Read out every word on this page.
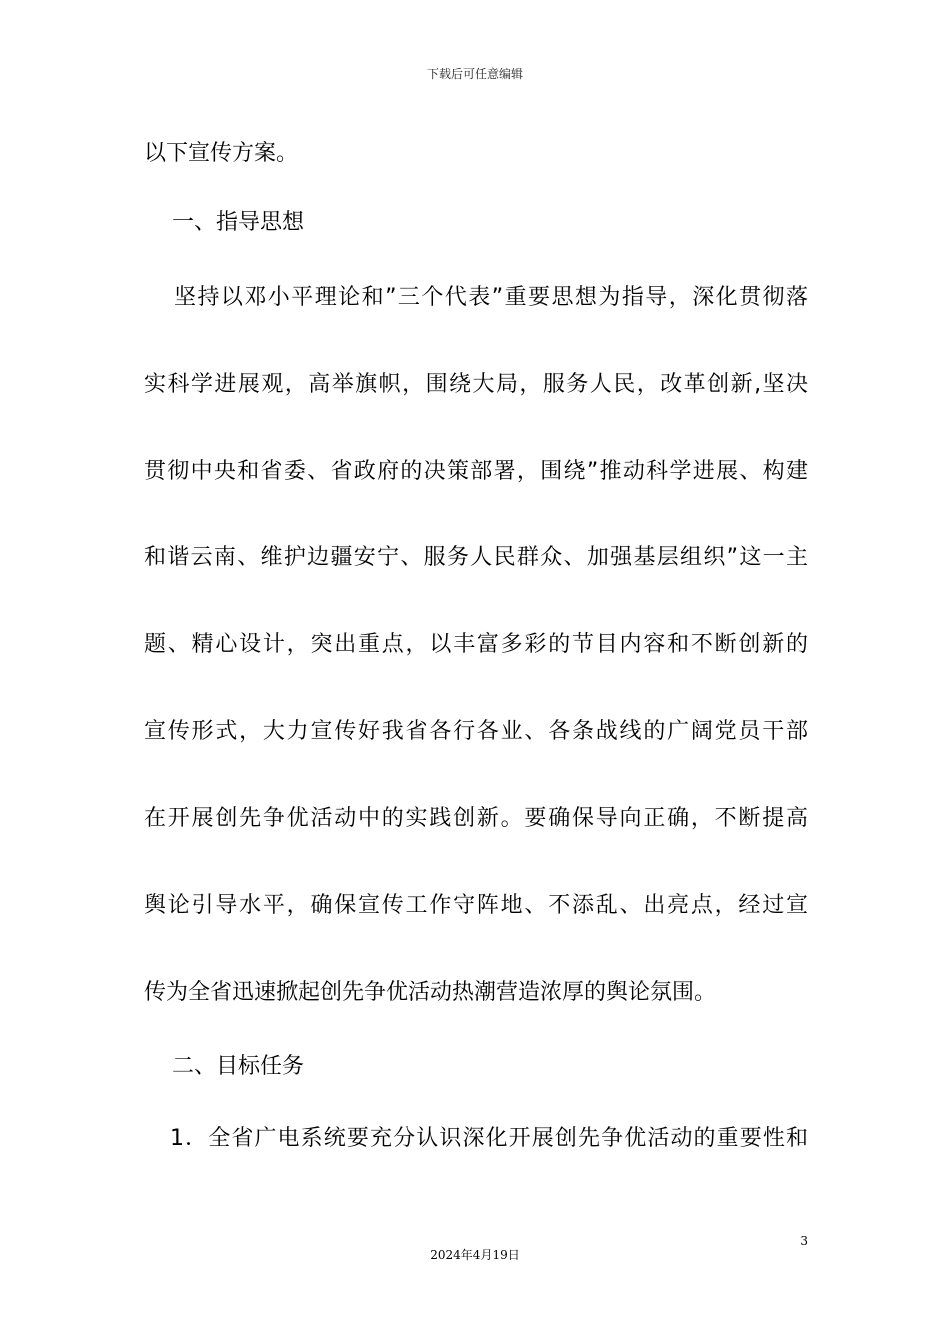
下载后可任意编辑
以下宣传方案。
一、指导思想
坚持以邓小平理论和”三个代表”重要思想为指导，深化贯彻落
实科学进展观，高举旗帜，围绕大局，服务人民，改革创新,坚决
贯彻中央和省委、省政府的决策部署，围绕”推动科学进展、构建
和谐云南、维护边疆安宁、服务人民群众、加强基层组织”这一主
题、精心设计，突出重点，以丰富多彩的节目内容和不断创新的
宣传形式，大力宣传好我省各行各业、各条战线的广阔党员干部
在开展创先争优活动中的实践创新。要确保导向正确，不断提高
舆论引导水平，确保宣传工作守阵地、不添乱、出亮点，经过宣
传为全省迅速掀起创先争优活动热潮营造浓厚的舆论氛围。
二、目标任务
1．全省广电系统要充分认识深化开展创先争优活动的重要性和
3
2024年4月19日
